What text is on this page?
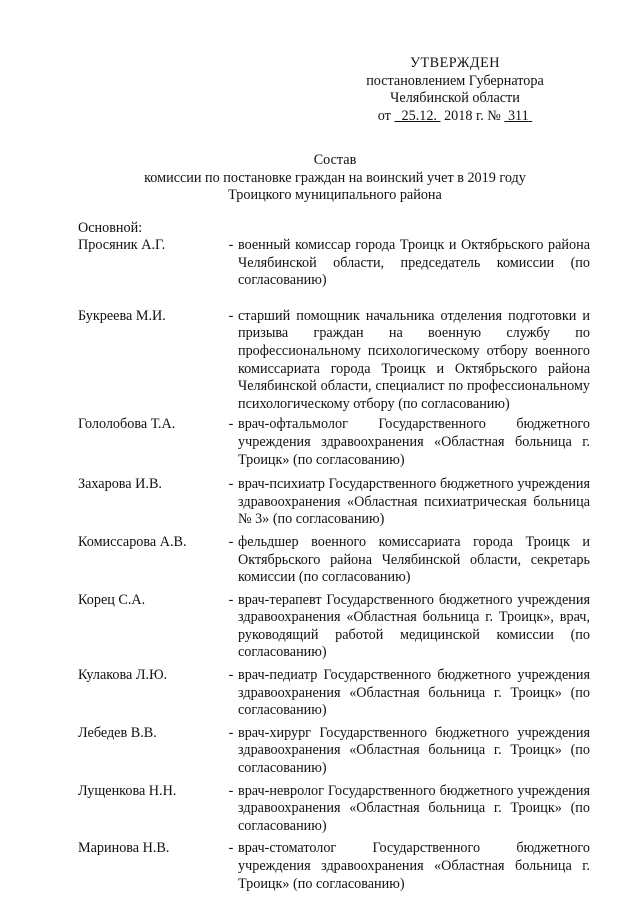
УТВЕРЖДЕН
постановлением Губернатора
Челябинской области
от 25.12. 2018 г. № 311
Состав
комиссии по постановке граждан на воинский учет в 2019 году
Троицкого муниципального района
Основной:
Просяник А.Г.	- военный комиссар города Троицк и Октябрьского района Челябинской области, председатель комиссии (по согласованию)
Букреева М.И.	- старший помощник начальника отделения подготовки и призыва граждан на военную службу по профессиональному психологическому отбору военного комиссариата города Троицк и Октябрьского района Челябинской области, специалист по профессиональному психологическому отбору (по согласованию)
Гололобова Т.А.	- врач-офтальмолог Государственного бюджетного учреждения здравоохранения «Областная больница г. Троицк» (по согласованию)
Захарова И.В.	- врач-психиатр Государственного бюджетного учреждения здравоохранения «Областная психиатрическая больница № 3» (по согласованию)
Комиссарова А.В.	- фельдшер военного комиссариата города Троицк и Октябрьского района Челябинской области, секретарь комиссии (по согласованию)
Корец С.А.	- врач-терапевт Государственного бюджетного учреждения здравоохранения «Областная больница г. Троицк», врач, руководящий работой медицинской комиссии (по согласованию)
Кулакова Л.Ю.	- врач-педиатр Государственного бюджетного учреждения здравоохранения «Областная больница г. Троицк» (по согласованию)
Лебедев В.В.	- врач-хирург Государственного бюджетного учреждения здравоохранения «Областная больница г. Троицк» (по согласованию)
Лущенкова Н.Н.	- врач-невролог Государственного бюджетного учреждения здравоохранения «Областная больница г. Троицк» (по согласованию)
Маринова Н.В.	- врач-стоматолог Государственного бюджетного учреждения здравоохранения «Областная больница г. Троицк» (по согласованию)
